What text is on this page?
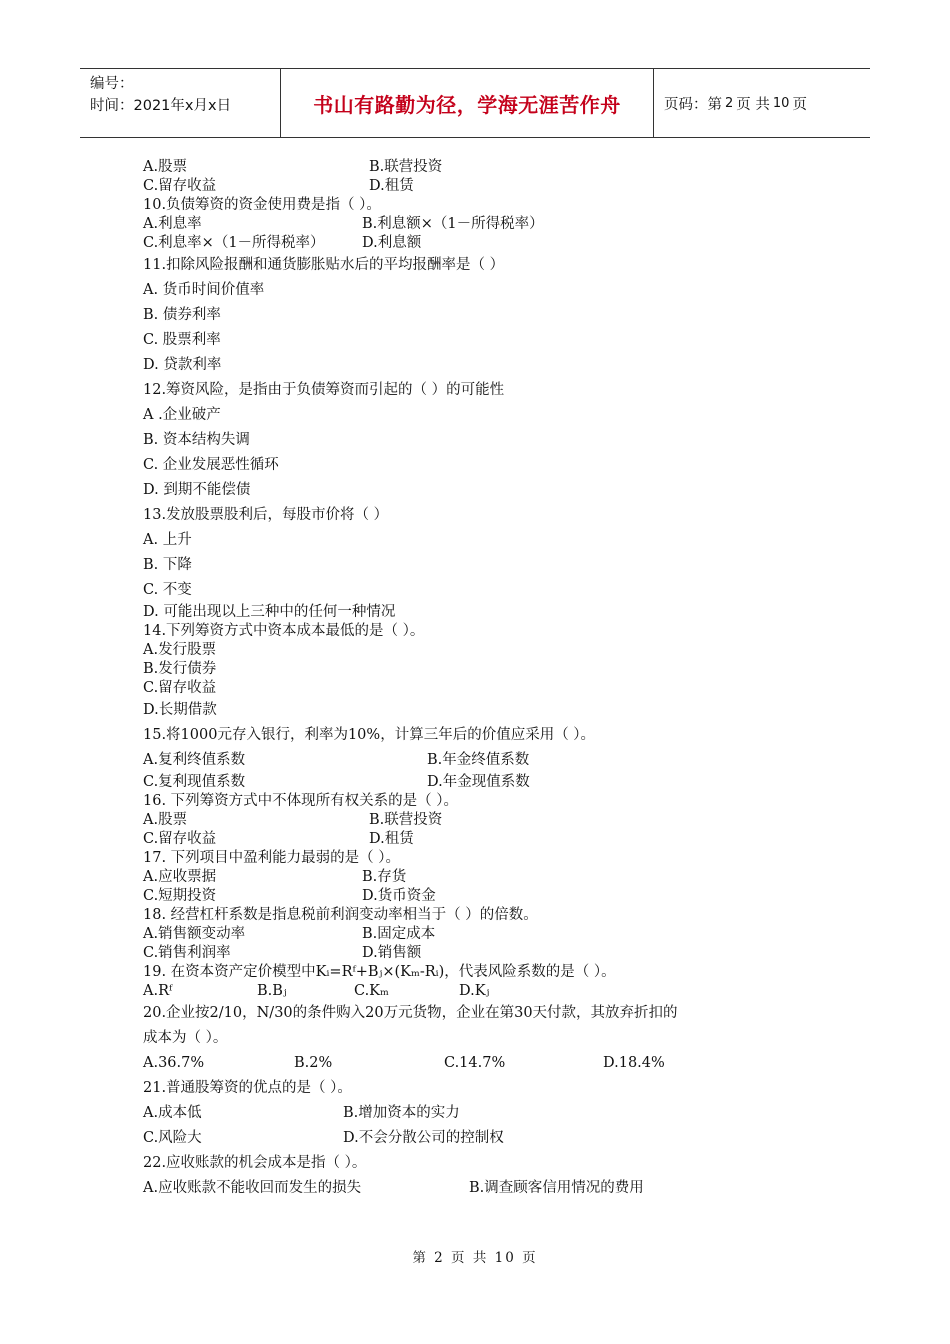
编号：
时间：2021年x月x日	书山有路勤为径，学海无涯苦作舟	页码：第 2 页 共 10 页
A.股票	B.联营投资
C.留存收益	D.租赁
10.负债筹资的资金使用费是指（ ）。
A.利息率	B.利息额×（1－所得税率）
C.利息率×（1－所得税率）	D.利息额
11.扣除风险报酬和通货膨胀贴水后的平均报酬率是（ ）
A. 货币时间价值率
B. 债券利率
C. 股票利率
D. 贷款利率
12.筹资风险，是指由于负债筹资而引起的（ ）的可能性
A .企业破产
B. 资本结构失调
C. 企业发展恶性循环
D. 到期不能偿债
13.发放股票股利后，每股市价将（ ）
A. 上升
B. 下降
C. 不变
D. 可能出现以上三种中的任何一种情况
14.下列筹资方式中资本成本最低的是（ ）。
A.发行股票
B.发行债券
C.留存收益
D.长期借款
15.将1000元存入银行，利率为10%，计算三年后的价值应采用（ ）。
A.复利终值系数	B.年金终值系数
C.复利现值系数	D.年金现值系数
16. 下列筹资方式中不体现所有权关系的是（ ）。
A.股票	B.联营投资
C.留存收益	D.租赁
17. 下列项目中盈利能力最弱的是（ ）。
A.应收票据	B.存货
C.短期投资	D.货币资金
18. 经营杠杆系数是指息税前利润变动率相当于（ ）的倍数。
A.销售额变动率	B.固定成本
C.销售利润率	D.销售额
19. 在资本资产定价模型中Kᵢ=Rᶠ+Bⱼ×(Kₘ-Rᵢ)，代表风险系数的是（ ）。
A.Rᶠ	B.Bⱼ	C.Kₘ	D.Kⱼ
20.企业按2/10，N/30的条件购入20万元货物，企业在第30天付款，其放弃折扣的
成本为（ ）。
A.36.7%	B.2%	C.14.7%	D.18.4%
21.普通股筹资的优点的是（ ）。
A.成本低	B.增加资本的实力
C.风险大	D.不会分散公司的控制权
22.应收账款的机会成本是指（ ）。
A.应收账款不能收回而发生的损失	B.调查顾客信用情况的费用
第 2 页 共 10 页
